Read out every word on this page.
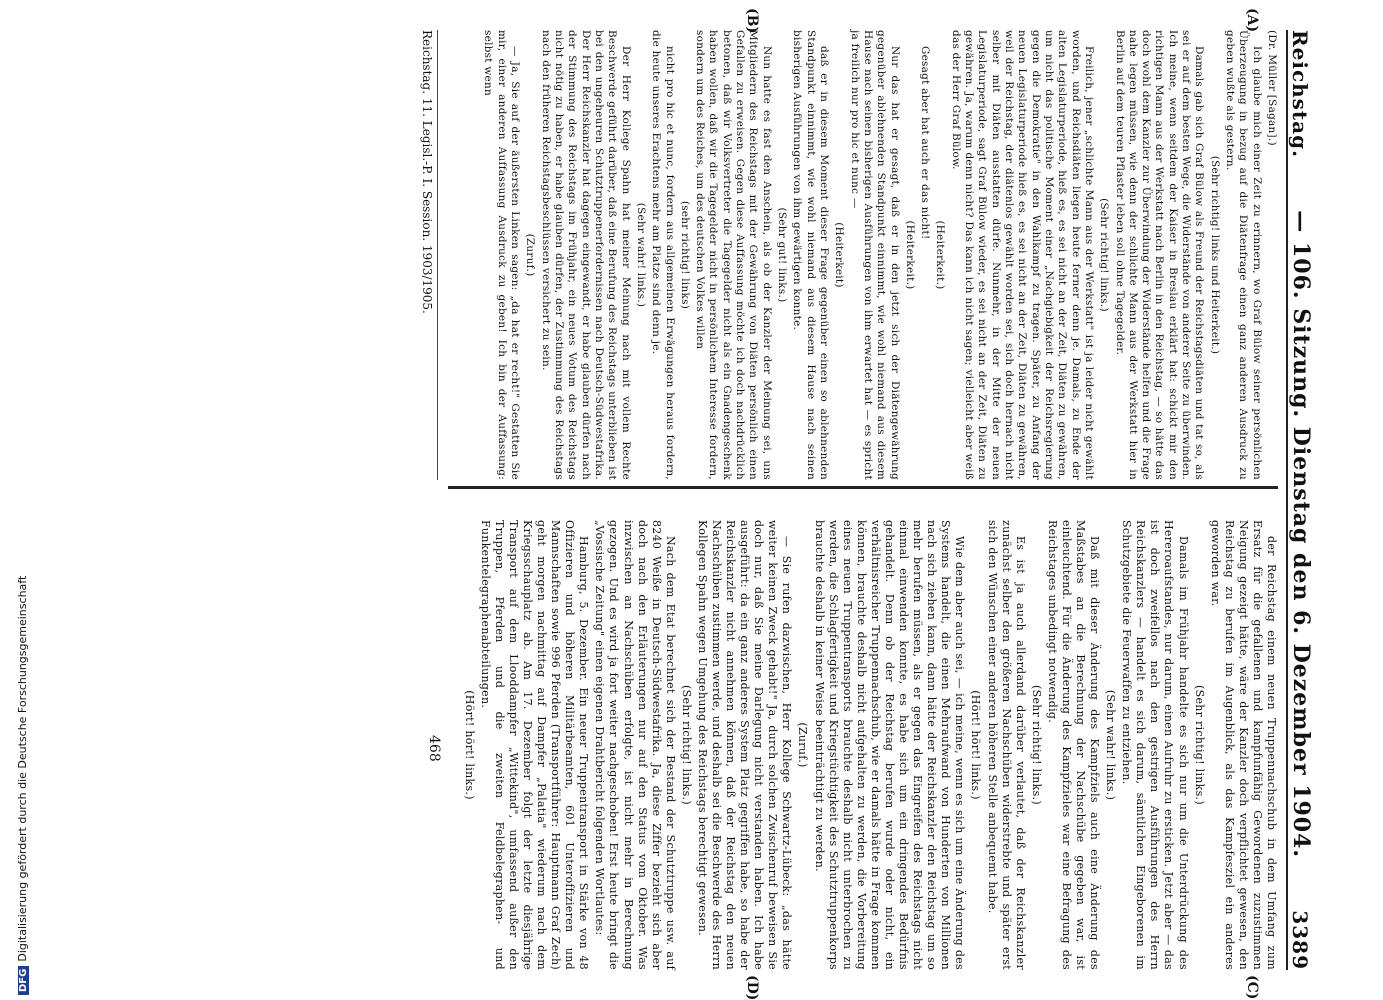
Reichstag.
— 106. Sitzung. Dienstag den 6. Dezember 1904.
3389
(A)
(B)
(C)
(D)

(Dr. Müller [Sagan].)

Ich glaube mich einer Zeit zu erinnern, wo Graf Bülow seiner persönlichen Überzeugung in bezug auf die Diätenfrage einen ganz anderen Ausdruck zu geben wußte als gestern.

(Sehr richtig! links und Heiterkeit.)

Damals gab sich Graf Bülow als Freund der Reichstagsdiäten und tat so, als sei er auf dem besten Wege, die Widerstände von anderer Seite zu überwinden. Ich meine, wenn seitdem der Kaiser in Breslau erklärt hat: schickt mir den richtigen Mann aus der Werkstatt nach Berlin in den Reichstag, — so hätte das doch wohl dem Kanzler zur Überwindung der Widerstände helfen und die Frage nahe legen müssen, wie denn der schlichte Mann aus der Werkstatt hier in Berlin auf dem teuren Pflaster leben soll ohne Tagegelder.

(Sehr richtig! links.)

Freilich, jener „schlichte Mann aus der Werkstatt" ist ja leider nicht gewählt worden, und Reichsdiäten liegen heute ferner denn je. Damals, zu Ende der alten Legislaturperiode, hieß es, es sei nicht an der Zeit, Diäten zu gewähren, um nicht das politische Moment einer „Nachgiebigkeit der Reichsregierung gegen die Demokratie" in den Wahlkampf zu tragen. Später, zu Anfang der neuen Legislaturperiode hieß es, es sei nicht an der Zeit, Diäten zu gewähren, weil der Reichstag, der diätenlos gewählt worden sei, sich doch hernach nicht selber mit Diäten ausstatten dürfe. Nunmehr, in der Mitte der neuen Legislaturperiode, sagt Graf Bülow wieder, es sei nicht an der Zeit, Diäten zu gewähren. Ja, warum denn nicht? Das kann ich nicht sagen; vielleicht aber weiß das der Herr Graf Bülow.

(Heiterkeit.)

Gesagt aber hat auch er das nicht!

(Heiterkeit.)

Nur das hat er gesagt, daß er in den jetzt sich der Diätengewährung gegenüber ablehnenden Standpunkt einnimmt, wie wohl niemand aus diesem Hause nach seinen bisherigen Ausführungen von ihm erwartet hat — es spricht ja freilich nur pro hic et nunc —

(Heiterkeit)

daß er in diesem Moment dieser Frage gegenüber einen so ablehnenden Standpunkt einnimmt, wie wohl niemand aus diesem Hause nach seinen bisherigen Ausführungen von ihm gewärtigen konnte.

(Sehr gut! links.)

Nun hatte es fast den Anschein, als ob der Kanzler der Meinung sei, uns Mitgliedern des Reichstags mit der Gewährung von Diäten persönlich einen Gefallen zu erweisen. Gegen diese Auffassung möchte ich doch nachdrücklich betonen, daß wir Volksvertreter die Tagegelder nicht als ein Gnadengeschenk haben wollen, daß wir die Tagegelder nicht in persönlichem Interesse fordern, sondern um des Reiches, um des deutschen Volkes willen

(sehr richtig! links)

nicht pro hic et nunc, fordern aus allgemeinen Erwägungen heraus fordern, die heute unseres Erachtens mehr am Platze sind denn je.

(Sehr wahr! links.)

Der Herr Kollege Spahn hat meiner Meinung nach mit vollem Rechte Beschwerde geführt darüber, daß eine Berufung des Reichstags unterblieben ist bei den ungeheuren Schutztruppenerfordernissen nach Deutsch-Südwestafrika. Der Herr Reichskanzler hat dagegen eingewandt, er habe glauben dürfen nach der Stimmung des Reichstags im Frühjahr, ein neues Votum des Reichstags nicht nötig zu haben, er habe glauben dürfen, der Zustimmung des Reichstags nach den früheren Reichstagsbeschlüssen versichert zu sein.

(Zuruf.)

— Ja, Sie auf der äußersten Linken sagen: „da hat er recht!" Gestatten Sie mir, einer anderen Auffassung Ausdruck zu geben! Ich bin der Auffassung: selbst wenn

der Reichstag einem neuen Truppennachschub in dem Umfang zum Ersatz für die gefallenen und kampfunfähig Gewordenen zuzustimmen Neigung gezeigt hätte, wäre der Kanzler doch verpflichtet gewesen, den Reichstag zu berufen im Augenblick, als das Kampfesziel ein anderes geworden war.

(Sehr richtig! links.)

Damals im Frühjahr handelte es sich nur um die Unterdrückung des Hereroaufstandes, nur darum, einen Aufruhr zu ersticken. Jetzt aber — das ist doch zweifellos nach den gestrigen Ausführungen des Herrn Reichskanzlers — handelt es sich darum, sämtlichen Eingeborenen im Schutzgebiete die Feuerwaffen zu entziehen.

(Sehr wahr! links.)

Daß mit dieser Änderung des Kampfziels auch eine Änderung des Maßstabes an die Berechnung der Nachschübe gegeben war, ist einleuchtend. Für die Änderung des Kampfzieles war eine Befragung des Reichstages unbedingt notwendig.

(Sehr richtig! links.)

Es ist ja auch allerdand darüber verlautet, daß der Reichskanzler zunächst selber den größeren Nachschüben widerstrebte und später erst sich den Wünschen einer anderen höheren Stelle anbequemt habe.

(Hört! hört! links.)

Wie dem aber auch sei, — ich meine, wenn es sich um eine Änderung des Systems handelt, die einen Mehraufwand von Hunderten von Millionen nach sich ziehen kann, dann hätte der Reichskanzler den Reichstag um so mehr berufen müssen, als er gegen das Eingreifen des Reichstags nicht einmal einwenden konnte, es habe sich um ein dringendes Bedürfnis gehandelt. Denn ob der Reichstag berufen wurde oder nicht, ein verhältnisreicher Truppennachschub, wie er damals hätte in Frage kommen können, brauchte deshalb nicht aufgehalten zu werden, die Vorbereitung eines neuen Truppentransports brauchte deshalb nicht unterbrochen zu werden, die Schlagfertigkeit und Kriegstüchtigkeit des Schutztruppenkorps brauchte deshalb in keiner Weise beeinträchtigt zu werden.

(Zuruf.)

— Sie rufen dazwischen, Herr Kollege Schwartz-Lübeck: „das hätte weiter keinen Zweck gehabt!" Ja, durch solchen Zwischenruf beweisen Sie doch nur, daß Sie meine Darlegung nicht verstanden haben. Ich habe ausgeführt: da ein ganz anderes System Platz gegriffen habe, so habe der Reichskanzler nicht annehmen können, daß der Reichstag den neuen Nachschüben zustimmen werde, und deshalb sei die Beschwerde des Herrn Kollegen Spahn wegen Umgehung des Reichstags berechtigt gewesen.

(Sehr richtig! links.)

Nach dem Etat berechnet sich der Bestand der Schutztruppe usw. auf 8240 Weiße in Deutsch-Südwestafrika. Ja, diese Ziffer bezieht sich aber doch nach den Erläuterungen nur auf den Status vom Oktober. Was inzwischen an Nachschüben erfolgte, ist nicht mehr in Berechnung gezogen. Und es wird ja fort weiter nachgeschoben! Erst heute bringt die „Vossische Zeitung" einen eigenen Drahtbericht folgenden Wortlautes:

Hamburg, 5. Dezember. Ein neuer Truppentransport in Stärke von 48 Offizieren und höheren Militärbeamten, 601 Unteroffizieren und Mannschaften sowie 996 Pferden (Transportführer: Hauptmann Graf Zech) geht morgen nachmittag auf Dampfer „Palatia" wiederum nach dem Kriegsschauplatz ab. Am 17. Dezember folgt der letzte diesjährige Transport auf dem Llooddampfer „Wittekind", umfassend außer den Truppen, Pferden und die zweiten Feldbelegraphen- und Funkentelegraphenabteilungen.

(Hört! hört! links.)

Reichstag. 11. Legisl.-P. I. Session. 1903/1905.
468
DFGDigitalisierung gefördert durch die Deutsche Forschungsgemeinschaft
